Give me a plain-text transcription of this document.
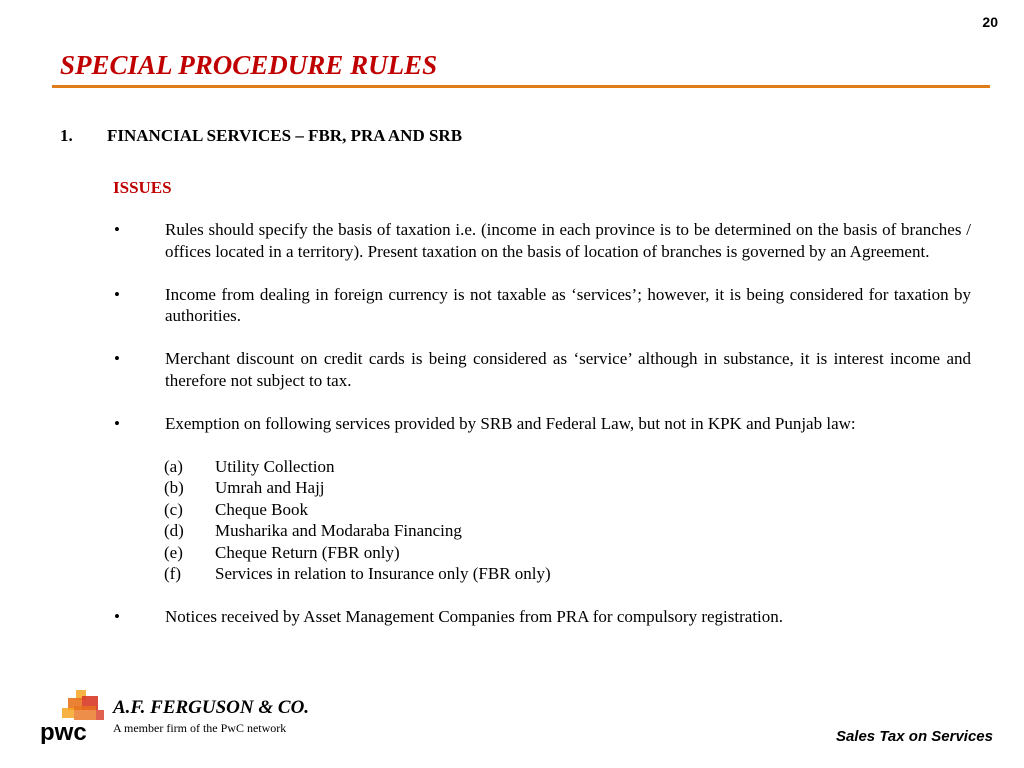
20
SPECIAL PROCEDURE RULES
1.	FINANCIAL SERVICES – FBR, PRA AND SRB
ISSUES
•	Rules should specify the basis of taxation i.e. (income in each province is to be determined on the basis of branches / offices located in a territory). Present taxation on the basis of location of branches is governed by an Agreement.
•	Income from dealing in foreign currency is not taxable as ‘services’; however, it is being considered for taxation by authorities.
•	Merchant discount on credit cards is being considered as ‘service’ although in substance, it is interest income and therefore not subject to tax.
•	Exemption on following services provided by SRB and Federal Law, but not in KPK and Punjab law:
(a)	Utility Collection
(b)	Umrah and Hajj
(c)	Cheque Book
(d)	Musharika and Modaraba Financing
(e)	Cheque Return (FBR only)
(f)	Services in relation to Insurance only (FBR only)
•	Notices received by Asset Management Companies from PRA for compulsory registration.
pwc
A.F. FERGUSON & CO.
A member firm of the PwC network	Sales Tax on Services
